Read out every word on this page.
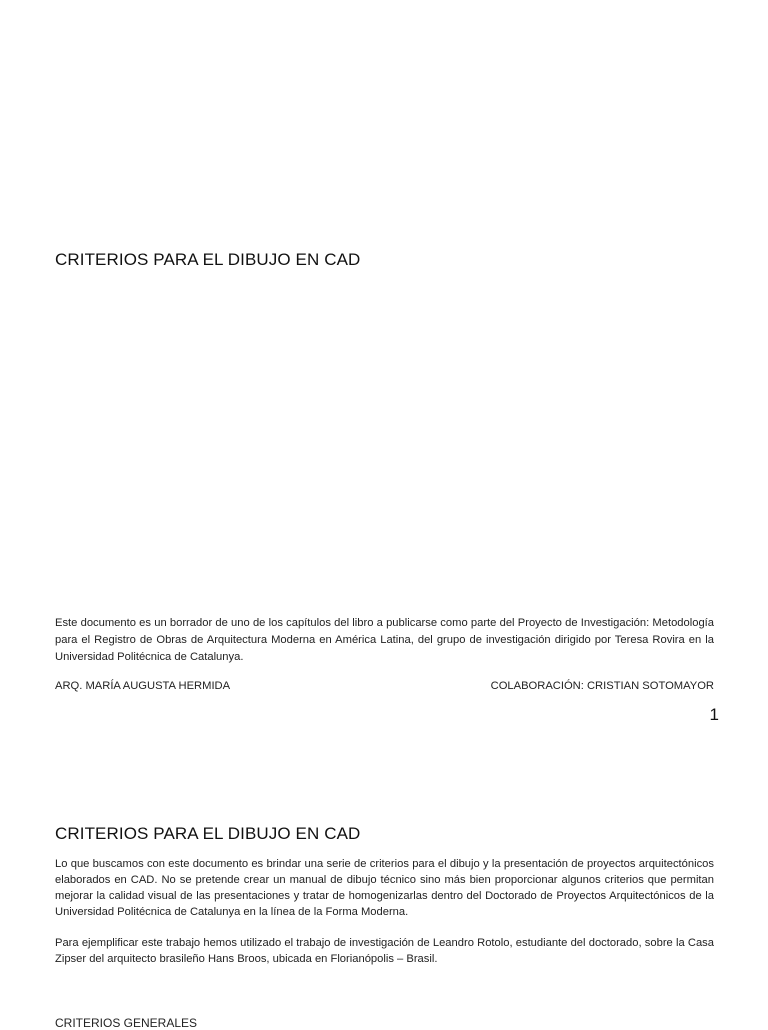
CRITERIOS PARA EL DIBUJO EN CAD
Este documento es un borrador de uno de los capítulos del libro a publicarse como parte del Proyecto de Investigación: Metodología para el Registro de Obras de Arquitectura Moderna en América Latina, del grupo de investigación dirigido por Teresa Rovira en la Universidad Politécnica de Catalunya.
ARQ. MARÍA AUGUSTA HERMIDA	COLABORACIÓN: CRISTIAN SOTOMAYOR
1
CRITERIOS PARA EL DIBUJO EN CAD
Lo que buscamos con este documento es brindar una serie de criterios para el dibujo y la presentación de proyectos arquitectónicos elaborados en CAD. No se pretende crear un manual de dibujo técnico sino más bien proporcionar algunos criterios que permitan mejorar la calidad visual de las presentaciones y tratar de homogenizarlas dentro del Doctorado de Proyectos Arquitectónicos de la Universidad Politécnica de Catalunya en la línea de la Forma Moderna.
Para ejemplificar este trabajo hemos utilizado el trabajo de investigación de Leandro Rotolo, estudiante del doctorado, sobre la Casa Zipser del arquitecto brasileño Hans Broos, ubicada en Florianópolis – Brasil.
CRITERIOS GENERALES
